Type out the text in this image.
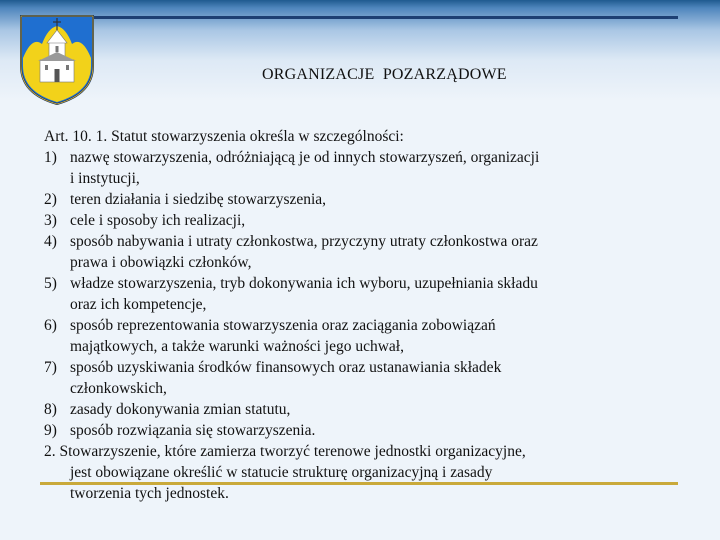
ORGANIZACJE  POZARZĄDOWE
Art. 10. 1. Statut stowarzyszenia określa w szczególności:
1) nazwę stowarzyszenia, odróżniającą je od innych stowarzyszeń, organizacji
i instytucji,
2) teren działania i siedzibę stowarzyszenia,
3) cele i sposoby ich realizacji,
4) sposób nabywania i utraty członkostwa, przyczyny utraty członkostwa oraz
prawa i obowiązki członków,
5) władze stowarzyszenia, tryb dokonywania ich wyboru, uzupełniania składu
oraz ich kompetencje,
6) sposób reprezentowania stowarzyszenia oraz zaciągania zobowiązań
majątkowych, a także warunki ważności jego uchwał,
7) sposób uzyskiwania środków finansowych oraz ustanawiania składek
członkowskich,
8) zasady dokonywania zmian statutu,
9) sposób rozwiązania się stowarzyszenia.
2. Stowarzyszenie, które zamierza tworzyć terenowe jednostki organizacyjne,
jest obowiązane określić w statucie strukturę organizacyjną i zasady
tworzenia tych jednostek.
